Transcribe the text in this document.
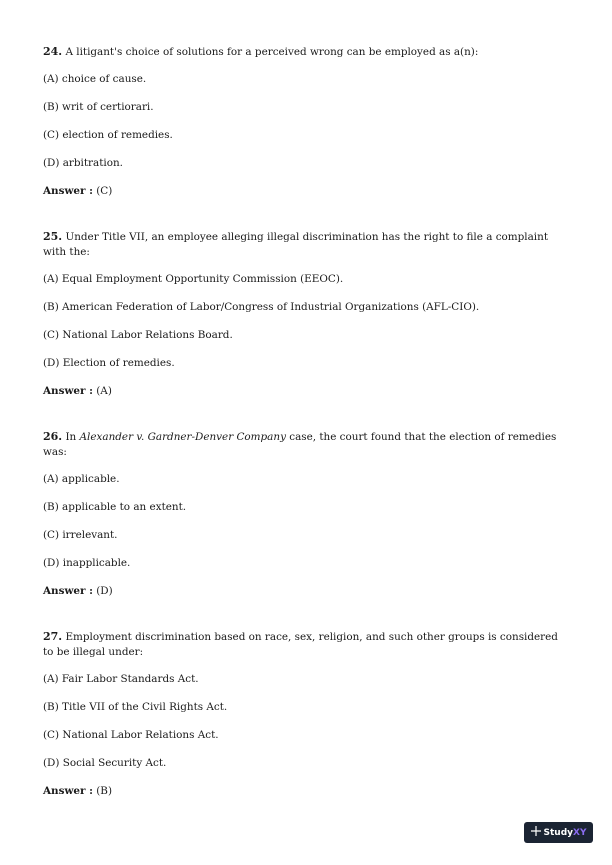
24. A litigant's choice of solutions for a perceived wrong can be employed as a(n):

(A) choice of cause.

(B) writ of certiorari.

(C) election of remedies.

(D) arbitration.

Answer : (C)

25. Under Title VII, an employee alleging illegal discrimination has the right to file a complaint with the:

(A) Equal Employment Opportunity Commission (EEOC).

(B) American Federation of Labor/Congress of Industrial Organizations (AFL-CIO).

(C) National Labor Relations Board.

(D) Election of remedies.

Answer : (A)

26. In Alexander v. Gardner-Denver Company case, the court found that the election of remedies was:

(A) applicable.

(B) applicable to an extent.

(C) irrelevant.

(D) inapplicable.

Answer : (D)

27. Employment discrimination based on race, sex, religion, and such other groups is considered to be illegal under:

(A) Fair Labor Standards Act.

(B) Title VII of the Civil Rights Act.

(C) National Labor Relations Act.

(D) Social Security Act.

Answer : (B)

Study XY
